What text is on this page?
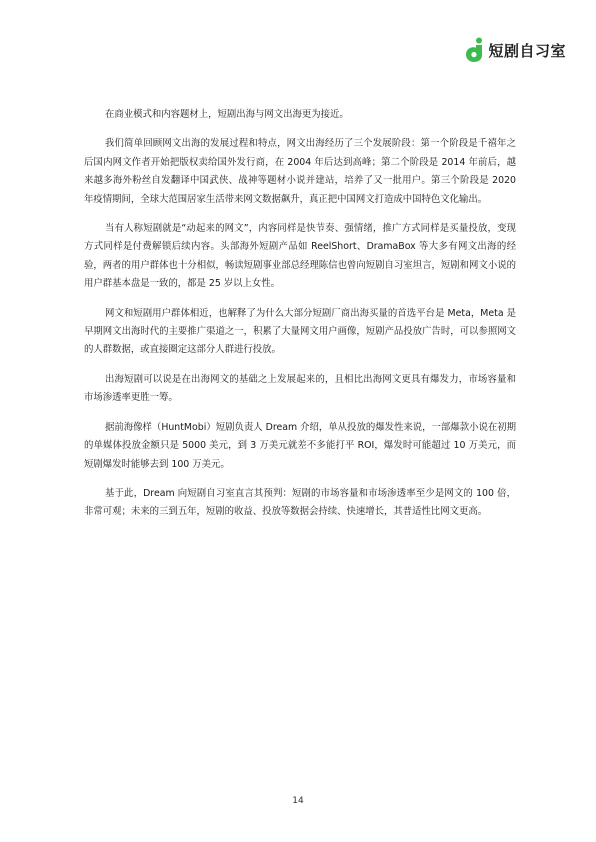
短剧自习室

在商业模式和内容题材上，短剧出海与网文出海更为接近。

我们简单回顾网文出海的发展过程和特点，网文出海经历了三个发展阶段：第一个阶段是千禧年之后国内网文作者开始把版权卖给国外发行商，在 2004 年后达到高峰；第二个阶段是 2014 年前后，越来越多海外粉丝自发翻译中国武侠、战神等题材小说并建站，培养了又一批用户。第三个阶段是 2020 年疫情期间，全球大范围居家生活带来网文数据飙升，真正把中国网文打造成中国特色文化输出。

当有人称短剧就是“动起来的网文”，内容同样是快节奏、强情绪，推广方式同样是买量投放，变现方式同样是付费解锁后续内容。头部海外短剧产品如 ReelShort、DramaBox 等大多有网文出海的经验，两者的用户群体也十分相似，畅读短剧事业部总经理陈信也曾向短剧自习室坦言，短剧和网文小说的用户群基本盘是一致的，都是 25 岁以上女性。

网文和短剧用户群体相近，也解释了为什么大部分短剧厂商出海买量的首选平台是 Meta，Meta 是早期网文出海时代的主要推广渠道之一，积累了大量网文用户画像，短剧产品投放广告时，可以参照网文的人群数据，或直接圈定这部分人群进行投放。

出海短剧可以说是在出海网文的基础之上发展起来的，且相比出海网文更具有爆发力，市场容量和市场渗透率更胜一筹。

据前海像样（HuntMobi）短剧负责人 Dream 介绍，单从投放的爆发性来说，一部爆款小说在初期的单媒体投放金额只是 5000 美元，到 3 万美元就差不多能打平 ROI，爆发时可能超过 10 万美元，而短剧爆发时能够去到 100 万美元。

基于此，Dream 向短剧自习室直言其预判：短剧的市场容量和市场渗透率至少是网文的 100 倍，非常可观；未来的三到五年，短剧的收益、投放等数据会持续、快速增长，其普适性比网文更高。

14
